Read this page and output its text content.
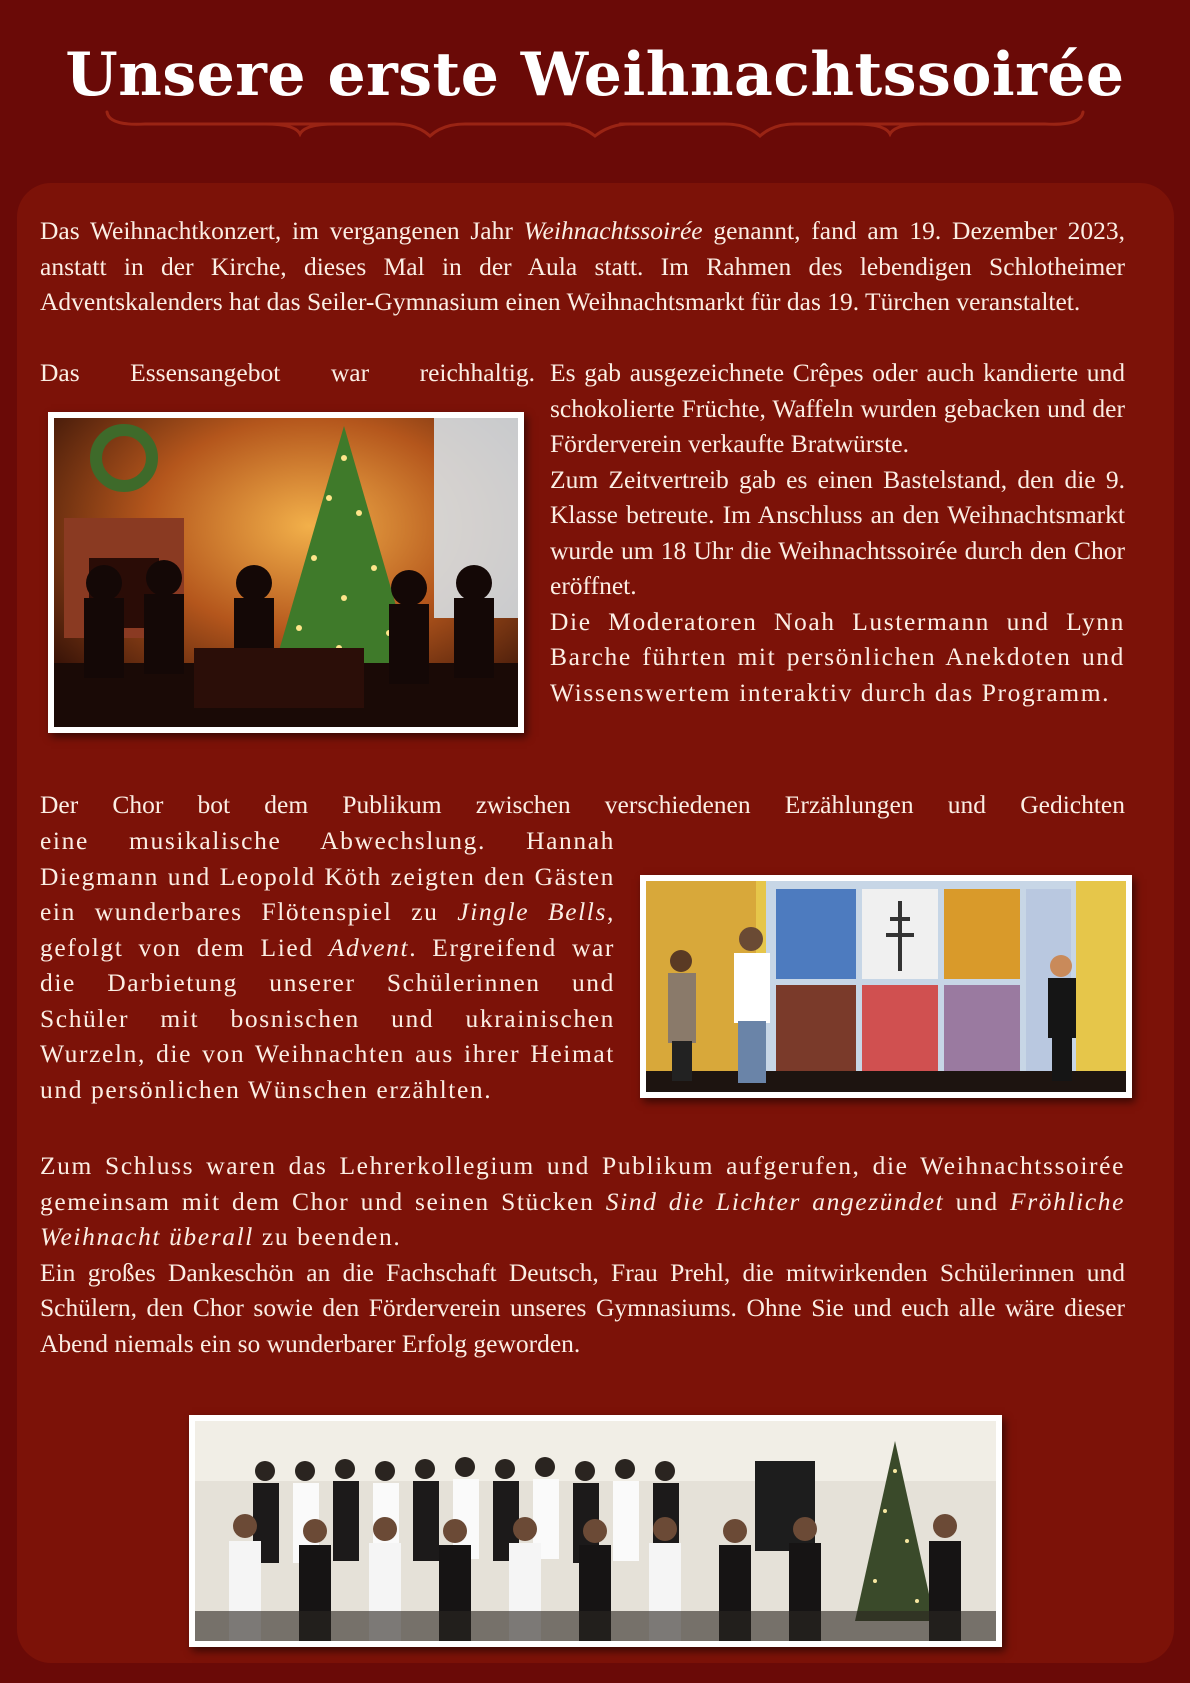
Unsere erste Weihnachtssoirée

Das Weihnachtkonzert, im vergangenen Jahr Weihnachtssoirée genannt, fand am 19. Dezember 2023, anstatt in der Kirche, dieses Mal in der Aula statt. Im Rahmen des lebendigen Schlotheimer Adventskalenders hat das Seiler-Gymnasium einen Weihnachtsmarkt für das 19. Türchen veranstaltet.

Das Essensangebot war reichhaltig. Es gab ausgezeichnete Crêpes oder auch kandierte und schokolierte Früchte, Waffeln wurden gebacken und der Förderverein verkaufte Bratwürste.

Zum Zeitvertreib gab es einen Bastelstand, den die 9. Klasse betreute. Im Anschluss an den Weihnachtsmarkt wurde um 18 Uhr die Weihnachtssoirée durch den Chor eröffnet.

Die Moderatoren Noah Lustermann und Lynn Barche führten mit persönlichen Anekdoten und Wissenswertem interaktiv durch das Programm.

Der Chor bot dem Publikum zwischen verschiedenen Erzählungen und Gedichten

eine musikalische Abwechslung. Hannah Diegmann und Leopold Köth zeigten den Gästen ein wunderbares Flötenspiel zu Jingle Bells, gefolgt von dem Lied Advent. Ergreifend war die Darbietung unserer Schülerinnen und Schüler mit bosnischen und ukrainischen Wurzeln, die von Weihnachten aus ihrer Heimat und persönlichen Wünschen erzählten.

Zum Schluss waren das Lehrerkollegium und Publikum aufgerufen, die Weihnachtssoirée gemeinsam mit dem Chor und seinen Stücken Sind die Lichter angezündet und Fröhliche Weihnacht überall zu beenden.

Ein großes Dankeschön an die Fachschaft Deutsch, Frau Prehl, die mitwirkenden Schülerinnen und Schülern, den Chor sowie den Förderverein unseres Gymnasiums. Ohne Sie und euch alle wäre dieser Abend niemals ein so wunderbarer Erfolg geworden.
